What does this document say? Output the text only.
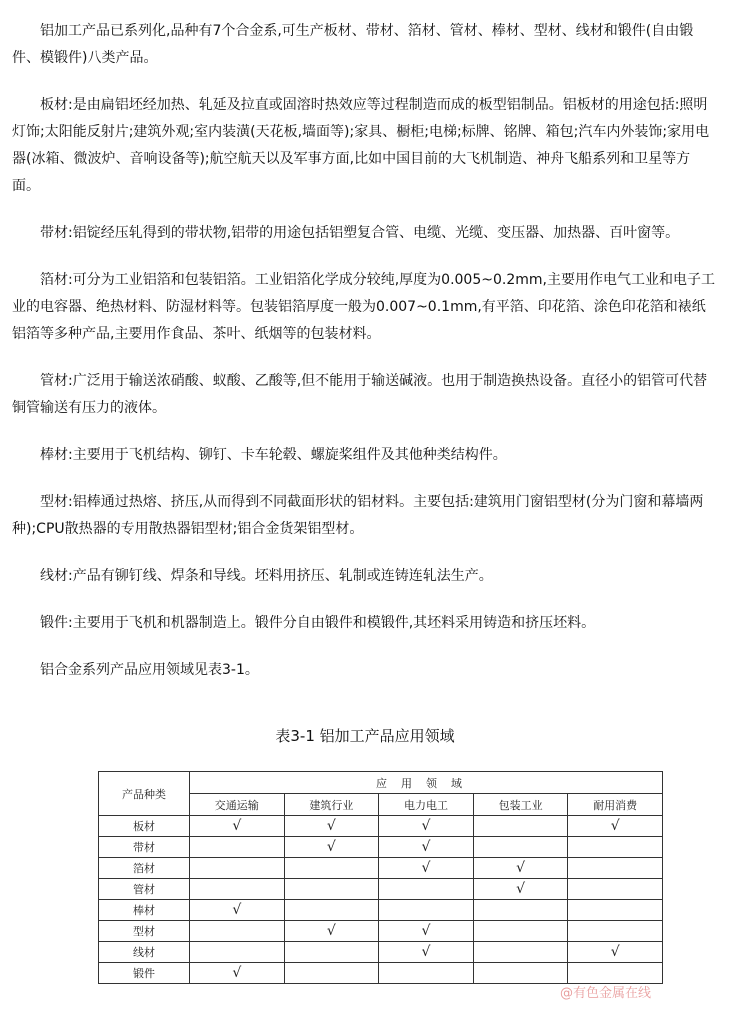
铝加工产品已系列化,品种有7个合金系,可生产板材、带材、箔材、管材、棒材、型材、线材和锻件(自由锻件、模锻件)八类产品。

板材:是由扁铝坯经加热、轧延及拉直或固溶时热效应等过程制造而成的板型铝制品。铝板材的用途包括:照明灯饰;太阳能反射片;建筑外观;室内装潢(天花板,墙面等);家具、橱柜;电梯;标牌、铭牌、箱包;汽车内外装饰;家用电器(冰箱、微波炉、音响设备等);航空航天以及军事方面,比如中国目前的大飞机制造、神舟飞船系列和卫星等方面。

带材:铝锭经压轧得到的带状物,铝带的用途包括铝塑复合管、电缆、光缆、变压器、加热器、百叶窗等。

箔材:可分为工业铝箔和包装铝箔。工业铝箔化学成分较纯,厚度为0.005~0.2mm,主要用作电气工业和电子工业的电容器、绝热材料、防湿材料等。包装铝箔厚度一般为0.007~0.1mm,有平箔、印花箔、涂色印花箔和裱纸铝箔等多种产品,主要用作食品、茶叶、纸烟等的包装材料。

管材:广泛用于输送浓硝酸、蚁酸、乙酸等,但不能用于输送碱液。也用于制造换热设备。直径小的铝管可代替铜管输送有压力的液体。

棒材:主要用于飞机结构、铆钉、卡车轮毂、螺旋桨组件及其他种类结构件。

型材:铝棒通过热熔、挤压,从而得到不同截面形状的铝材料。主要包括:建筑用门窗铝型材(分为门窗和幕墙两种);CPU散热器的专用散热器铝型材;铝合金货架铝型材。

线材:产品有铆钉线、焊条和导线。坯料用挤压、轧制或连铸连轧法生产。

锻件:主要用于飞机和机器制造上。锻件分自由锻件和模锻件,其坯料采用铸造和挤压坯料。

铝合金系列产品应用领域见表3-1。

表3-1 铝加工产品应用领域
产品种类	应用领域				
	交通运输	建筑行业	电力电工	包装工业	耐用消费
板材	√	√	√		√
带材		√	√		
箔材			√	√	
管材				√	
棒材	√				
型材		√	√		
线材			√		√
锻件	√				
@有色金属在线
